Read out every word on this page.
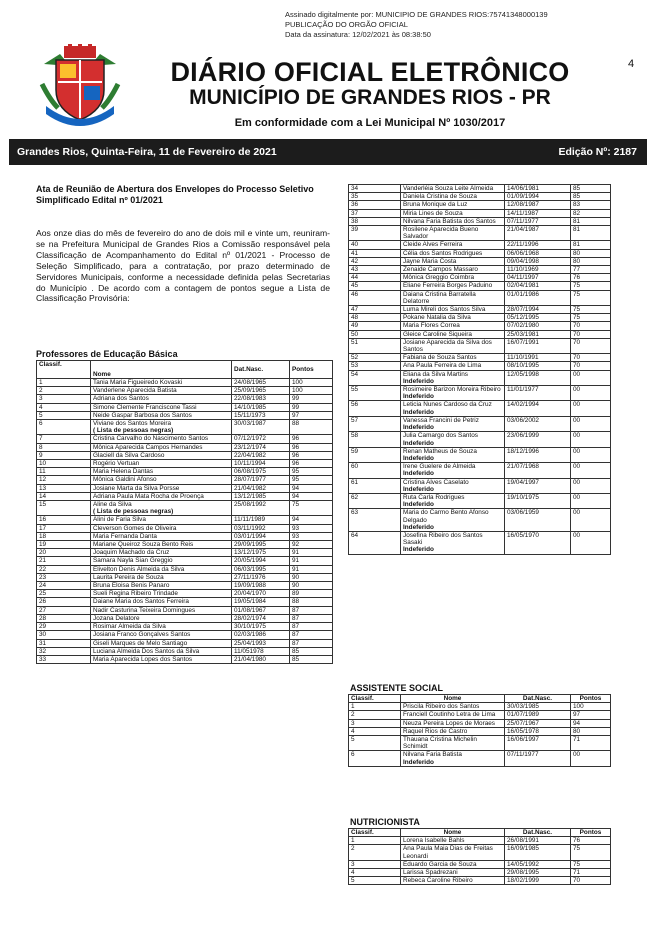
Assinado digitalmente por: MUNICIPIO DE GRANDES RIOS:75741348000139
PUBLICAÇÃO DO ORGÃO OFICIAL
Data da assinatura: 12/02/2021 às 08:38:50
DIÁRIO OFICIAL ELETRÔNICO
MUNICÍPIO DE GRANDES RIOS - PR
Em conformidade com a Lei Municipal Nº 1030/2017
4
Grandes Rios, Quinta-Feira, 11 de Fevereiro de 2021	Edição Nº: 2187
Ata de Reunião de Abertura dos Envelopes do Processo Seletivo Simplificado Edital nº 01/2021
Aos onze dias do mês de fevereiro do ano de dois mil e vinte um, reuniram-se na Prefeitura Municipal de Grandes Rios a Comissão responsável pela Classificação de Acompanhamento do Edital nº 01/2021 - Processo de Seleção Simplificado, para a contratação, por prazo determinado de Servidores Municipais, conforme a necessidade definida pelas Secretarias do Município . De acordo com a contagem de pontos segue a Lista de Classificação Provisória:
Professores de Educação Básica
Classif.	Nome	Dat.Nasc.	Pontos
1	Tania Maria Figueiredo Kovaski	24/08/1965	100
2	Vanderlene Aparecida Batista	25/09/1965	100
3	Adriana dos Santos	22/08/1983	99
4	Simone Clemente Franciscone Tassi	14/10/1985	99
5	Neide Gaspar Barbosa dos Santos	15/11/1973	97
6	Viviane dos Santos Moreira
( Lista de pessoas negras)	30/03/1987	88
7	Cristina Carvalho do Nascimento Santos	07/12/1972	96
8	Mônica Aparecida Campos Hernandes	23/12/1974	96
9	Glaciell da Silva Cardoso	22/04/1982	96
10	Rogério Vertuan	10/11/1994	96
11	Maria Helena Dantas	06/08/1975	95
12	Mônica Galdini Afonso	28/07/1977	95
13	Josiane Marta da Silva Porsse	21/04/1982	94
14	Adriana Paula Mata Rocha de Proença	13/12/1985	94
15	Aline da Silva
( Lista de pessoas negras)	25/08/1992	75
16	Alini de Faria Silva	11/11/1989	94
17	Cleverson Gomes de Oliveira	03/11/1992	93
18	Maria Fernanda Danta	03/01/1994	93
19	Mariane Queiroz Souza Bento Reis	29/09/1995	92
20	Joaquim Machado da Cruz	13/12/1975	91
21	Samara Nayla Sian Greggio	20/05/1994	91
22	Elivelton Denis Almeida da Silva	06/03/1995	91
23	Laurita Pereira de Souza	27/11/1976	90
24	Bruna Eloisa Benis Panaro	19/09/1988	90
25	Sueli Regina Ribeiro Trindade	20/04/1970	89
26	Daiane Maria dos Santos Ferreira	19/05/1984	88
27	Nadir Casturina Teixeira Domingues	01/08/1967	87
28	Jozana Delatore	28/02/1974	87
29	Rosimar Almeida da Silva	30/10/1975	87
30	Josiana Franco Gonçalves Santos	02/03/1986	87
31	Giseli Marques de Melo Santiago	25/04/1993	87
32	Luciana Almeida Dos Santos da Silva	11/051978	85
33	Maria Aparecida Lopes dos Santos	21/04/1980	85
34	Vanderléia Souza Leite Almeida	14/06/1981	85
35	Daniela Cristina de Souza	01/09/1994	85
36	Bruna Monique da Luz	12/08/1987	83
37	Miria Lines de Souza	14/11/1987	82
38	Nilvana Faria Batista dos Santos	07/11/1977	81
39	Rosilene Aparecida Bueno Salvador	21/04/1987	81
40	Cleide Alves Ferreira	22/11/1996	81
41	Célia dos Santos Rodrigues	06/06/1968	80
42	Jayne Maria Costa	09/04/1998	80
43	Zenaide Campos Massaro	11/10/1969	77
44	Mônica Greggio Coimbra	04/11/1997	76
45	Eliane Ferreira Borges Paduino	02/04/1981	75
46	Daiana Cristina Barratella Delatorre	01/01/1986	75
47	Luma Mireli dos Santos Silva	28/07/1994	75
48	Pokane Natalia da Silva	05/12/1995	75
49	Maria Flores Correa	07/02/1980	70
50	Gleice Caroline Siqueira	25/03/1981	70
51	Josiane Aparecida da Silva dos Santos	16/07/1991	70
52	Fabiana de Souza Santos	11/10/1991	70
53	Ana Paula Ferreira de Lima	08/10/1995	70
54	Eliana da Silva Martins
Indeferido	12/05/1998	00
55	Rosimeire Barizon Moreira Ribeiro
Indeferido	11/01/1977	00
56	Leticia Nunes Cardoso da Cruz
Indeferido	14/02/1994	00
57	Vanessa Francini de Petriz
Indeferido	03/06/2002	00
58	Julia Camargo dos Santos
Indeferido	23/06/1999	00
59	Renan Matheus de Souza
Indeferido	18/12/1996	00
60	Irene Guelere de Almeida
Indeferido	21/07/1968	00
61	Cristina Alves Caselato
Indeferido	19/04/1997	00
62	Ruta Carla Rodrigues
Indeferido	19/10/1975	00
63	Maria do Carmo Bento Afonso Delgado
Indeferido	03/06/1959	00
64	Josefina Ribeiro dos Santos Sasaki
Indeferido	16/05/1970	00
ASSISTENTE SOCIAL
Classif.	Nome	Dat.Nasc.	Pontos
1	Priscila Ribeiro dos Santos	30/03/1985	100
2	Franciell Coutinho Letra de Lima	01/07/1989	97
3	Neuza Pereira Lopes de Moraes	25/07/1967	94
4	Raquel Rios de Castro	16/05/1978	80
5	Thauana Cristina Michelin Schimidt	16/06/1997	71
6	Nilvana Faria Batista
Indeferido	07/11/1977	00
NUTRICIONISTA
Classif.	Nome	Dat.Nasc.	Pontos
1	Lorena Isabelle Bahls	26/08/1991	76
2	Ana Paula Maia Dias de Freitas Leonardi	16/09/1985	75
3	Eduardo Garcia de Souza	14/05/1992	75
4	Larissa Spadrezani	29/08/1995	71
5	Rebeca Caroline Ribeiro	18/02/1999	70
